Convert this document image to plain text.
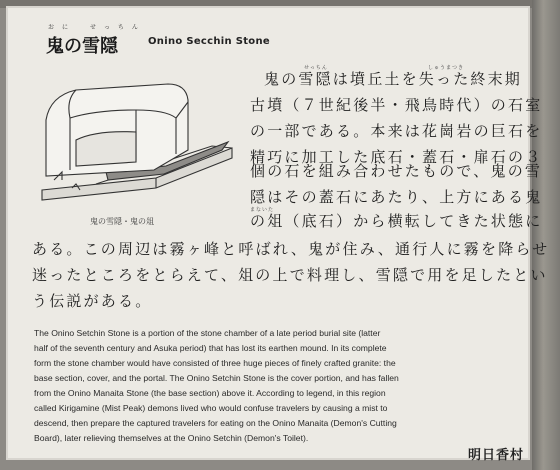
おに　せっちん
鬼の雪隠	Onino Secchin Stone
鬼の雪隠・鬼の俎
せっちん	しゅうまつき
まないた
鬼の雪隠は墳丘土を失った終末期
古墳（７世紀後半・飛鳥時代）の石室
の一部である。本来は花崗岩の巨石を
精巧に加工した底石・蓋石・扉石の３
個の石を組み合わせたもので、鬼の雪
隠はその蓋石にあたり、上方にある鬼
の俎（底石）から横転してきた状態に
ある。この周辺は霧ヶ峰と呼ばれ、鬼が住み、通行人に霧を降らせ
迷ったところをとらえて、俎の上で料理し、雪隠で用を足したとい
う伝説がある。
The Onino Setchin Stone is a portion of the stone chamber of a late period burial site (latter
half of the seventh century and Asuka period) that has lost its earthen mound. In its complete
form the stone chamber would have consisted of three huge pieces of finely crafted granite: the
base section, cover, and the portal. The Onino Setchin Stone is the cover portion, and has fallen
from the Onino Manaita Stone (the base section) above it. According to legend, in this region
called Kirigamine (Mist Peak) demons lived who would confuse travelers by causing a mist to
descend, then prepare the captured travelers for eating on the Onino Manaita (Demon's Cutting
Board), later relieving themselves at the Onino Setchin (Demon's Toilet).
明日香村
